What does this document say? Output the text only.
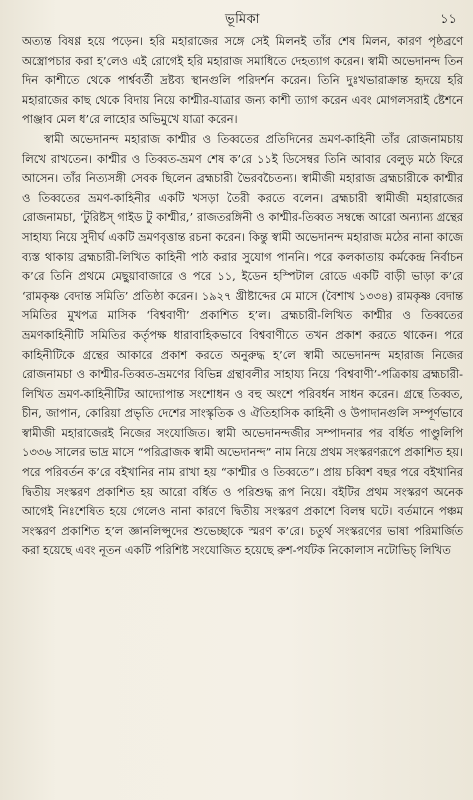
ভূমিকা	১১

অত্যন্ত বিষণ্ণ হয়ে পড়েন। হরি মহারাজের সঙ্গে সেই মিলনই তাঁর শেষ মিলন, কারণ পৃষ্ঠব্রণে অস্ত্রোপচার করা হ’লেও এই রোগেই হরি মহারাজ সমাধিতে দেহত্যাগ করেন। স্বামী অভেদানন্দ তিন দিন কাশীতে থেকে পার্শ্ববর্তী দ্রষ্টব্য স্থানগুলি পরিদর্শন করেন। তিনি দুঃখভারাক্রান্ত হৃদয়ে হরি মহারাজের কাছ থেকে বিদায় নিয়ে কাশ্মীর-যাত্রার জন্য কাশী ত্যাগ করেন এবং মোগলসরাই ষ্টেশনে পাঞ্জাব মেল ধ’রে লাহোর অভিমুখে যাত্রা করেন।

স্বামী অভেদানন্দ মহারাজ কাশ্মীর ও তিব্বতের প্রতিদিনের ভ্রমণ-কাহিনী তাঁর রোজনামচায় লিখে রাখতেন। কাশ্মীর ও তিব্বত-ভ্রমণ শেষ ক’রে ১১ই ডিসেম্বর তিনি আবার বেলুড় মঠে ফিরে আসেন। তাঁর নিত্যসঙ্গী সেবক ছিলেন ব্রহ্মচারী ভৈরবচৈতন্য। স্বামীজী মহারাজ ব্রহ্মচারীকে কাশ্মীর ও তিব্বতের ভ্রমণ-কাহিনীর একটি খসড়া তৈরী করতে বলেন। ব্রহ্মচারী স্বামীজী মহারাজের রোজনামচা, ‘টুরিষ্টস্ গাইড টু কাশ্মীর,’ রাজতরঙ্গিনী ও কাশ্মীর-তিব্বত সম্বন্ধে আরো অন্যান্য গ্রন্থের সাহায্য নিয়ে সুদীর্ঘ একটি ভ্রমণবৃত্তান্ত রচনা করেন। কিন্তু স্বামী অভেদানন্দ মহারাজ মঠের নানা কাজে ব্যস্ত থাকায় ব্রহ্মচারী-লিখিত কাহিনী পাঠ করার সুযোগ পাননি। পরে কলকাতায় কর্মকেন্দ্র নির্বাচন ক’রে তিনি প্রথমে মেছুয়াবাজারে ও পরে ১১, ইডেন হস্পিটাল রোডে একটি বাড়ী ভাড়া ক’রে ‘রামকৃষ্ণ বেদান্ত সমিতি’ প্রতিষ্ঠা করেন। ১৯২৭ খ্রীষ্টাব্দের মে মাসে (বৈশাখ ১৩৩৪) রামকৃষ্ণ বেদান্ত সমিতির মুখপত্র মাসিক ‘বিশ্ববাণী’ প্রকাশিত হ’ল। ব্রহ্মচারী-লিখিত কাশ্মীর ও তিব্বতের ভ্রমণকাহিনীটি সমিতির কর্তৃপক্ষ ধারাবাহিকভাবে বিশ্ববাণীতে তখন প্রকাশ করতে থাকেন। পরে কাহিনীটিকে গ্রন্থের আকারে প্রকাশ করতে অনুরুদ্ধ হ’লে স্বামী অভেদানন্দ মহারাজ নিজের রোজনামচা ও কাশ্মীর-তিব্বত-ভ্রমণের বিভিন্ন গ্রন্থাবলীর সাহায্য নিয়ে ‘বিশ্ববাণী’-পত্রিকায় ব্রহ্মচারী-লিখিত ভ্রমণ-কাহিনীটির আদ্যোপান্ত সংশোধন ও বহু অংশে পরিবর্ধন সাধন করেন। গ্রন্থে তিব্বত, চীন, জাপান, কোরিয়া প্রভৃতি দেশের সাংস্কৃতিক ও ঐতিহাসিক কাহিনী ও উপাদানগুলি সম্পূর্ণভাবে স্বামীজী মহারাজেরই নিজের সংযোজিত। স্বামী অভেদানন্দজীর সম্পাদনার পর বর্ধিত পাণ্ডুলিপি ১৩৩৬ সালের ভাদ্র মাসে “পরিব্রাজক স্বামী অভেদানন্দ” নাম নিয়ে প্রথম সংস্করণরূপে প্রকাশিত হয়। পরে পরিবর্তন ক’রে বইখানির নাম রাখা হয় “কাশ্মীর ও তিব্বতে”। প্রায় চব্বিশ বছর পরে বইখানির দ্বিতীয় সংস্করণ প্রকাশিত হয় আরো বর্ধিত ও পরিশুদ্ধ রূপ নিয়ে। বইটির প্রথম সংস্করণ অনেক আগেই নিঃশেষিত হয়ে গেলেও নানা কারণে দ্বিতীয় সংস্করণ প্রকাশে বিলম্ব ঘটে। বর্তমানে পঞ্চম সংস্করণ প্রকাশিত হ’ল জ্ঞানলিপ্সুদের শুভেচ্ছাকে স্মরণ ক’রে। চতুর্থ সংস্করণের ভাষা পরিমার্জিত করা হয়েছে এবং নূতন একটি পরিশিষ্ট সংযোজিত হয়েছে রুশ-পর্যটক নিকোলাস নটোভিচ্ লিখিত
